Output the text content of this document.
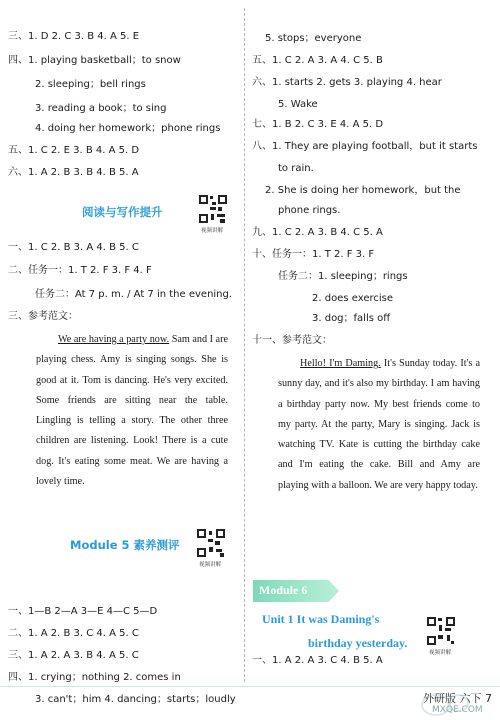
阅读与写作提升
视频讲解
We are having a party now. Sam and I are playing chess. Amy is singing songs. She is good at it. Tom is dancing. He's very excited. Some friends are sitting near the table. Lingling is telling a story. The other three children are listening. Look! There is a cute dog. It's eating some meat. We are having a lovely time.
Module 5 素养测评
视频讲解
Hello! I'm Daming. It's Sunday today. It's a sunny day, and it's also my birthday. I am having a birthday party now. My best friends come to my party. At the party, Mary is singing. Jack is watching TV. Kate is cutting the birthday cake and I'm eating the cake. Bill and Amy are playing with a balloon. We are very happy today.
Module 6
Unit 1 It was Daming's
birthday yesterday.
视频讲解
外研版 六下 7
MXQE.COM
三、1. D 2. C 3. B 4. A 5. E
四、1. playing basketball；to snow
2. sleeping；bell rings
3. reading a book；to sing
4. doing her homework；phone rings
五、1. C 2. E 3. B 4. A 5. D
六、1. A 2. B 3. B 4. B 5. A
一、1. C 2. B 3. A 4. B 5. C
二、任务一：1. T 2. F 3. F 4. F
任务二：At 7 p. m. / At 7 in the evening.
三、参考范文：
一、1—B 2—A 3—E 4—C 5—D
二、1. A 2. B 3. C 4. A 5. C
三、1. A 2. A 3. B 4. A 5. C
四、1. crying；nothing 2. comes in
3. can't；him 4. dancing；starts；loudly
5. stops；everyone
五、1. C 2. A 3. A 4. C 5. B
六、1. starts 2. gets 3. playing 4. hear
5. Wake
七、1. B 2. C 3. E 4. A 5. D
八、1. They are playing football，but it starts
to rain.
2. She is doing her homework，but the
phone rings.
九、1. C 2. A 3. B 4. C 5. A
十、任务一：1. T 2. F 3. F
任务二：1. sleeping；rings
2. does exercise
3. dog；falls off
十一、参考范文：
一、1. A 2. A 3. C 4. B 5. A
